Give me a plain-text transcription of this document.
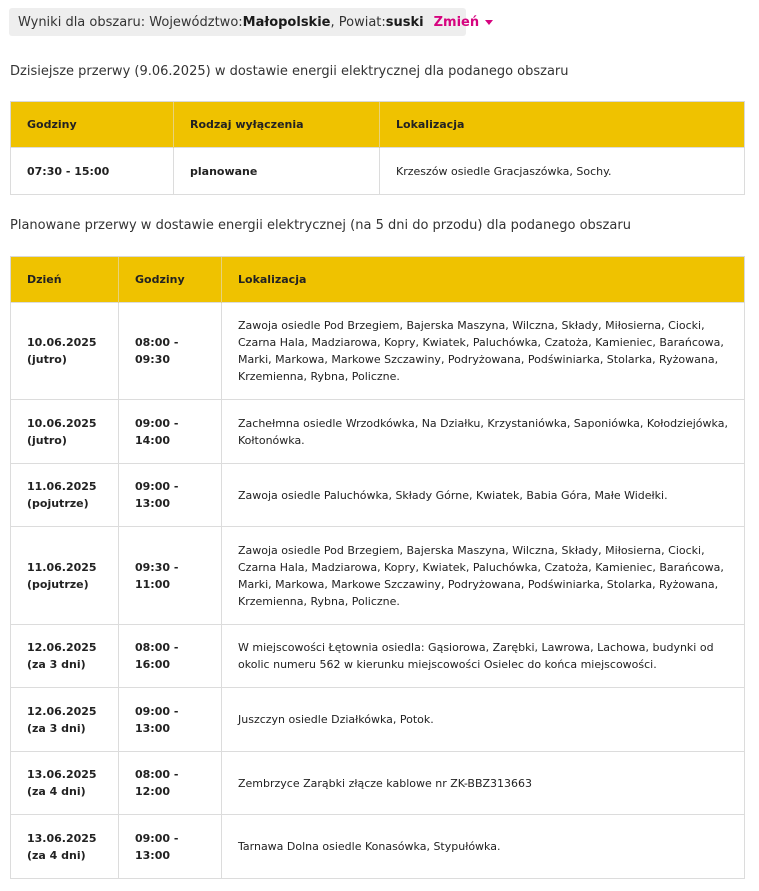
Wyniki dla obszaru: Województwo: Małopolskie , Powiat: suski Zmień
Dzisiejsze przerwy (9.06.2025) w dostawie energii elektrycznej dla podanego obszaru
Godziny	Rodzaj wyłączenia	Lokalizacja
07:30 - 15:00	planowane	Krzeszów osiedle Gracjaszówka, Sochy.
Planowane przerwy w dostawie energii elektrycznej (na 5 dni do przodu) dla podanego obszaru
Dzień	Godziny	Lokalizacja
10.06.2025
(jutro)	08:00 - 09:30	Zawoja osiedle Pod Brzegiem, Bajerska Maszyna, Wilczna, Składy, Miłosierna, Ciocki, Czarna Hala, Madziarowa, Kopry, Kwiatek, Paluchówka, Czatoża, Kamieniec, Barańcowa, Marki, Markowa, Markowe Szczawiny, Podryżowana, Podświniarka, Stolarka, Ryżowana, Krzemienna, Rybna, Policzne.
10.06.2025
(jutro)	09:00 - 14:00	Zachełmna osiedle Wrzodkówka, Na Działku, Krzystaniówka, Saponiówka, Kołodziejówka, Kołtonówka.
11.06.2025
(pojutrze)	09:00 - 13:00	Zawoja osiedle Paluchówka, Składy Górne, Kwiatek, Babia Góra, Małe Widełki.
11.06.2025
(pojutrze)	09:30 - 11:00	Zawoja osiedle Pod Brzegiem, Bajerska Maszyna, Wilczna, Składy, Miłosierna, Ciocki, Czarna Hala, Madziarowa, Kopry, Kwiatek, Paluchówka, Czatoża, Kamieniec, Barańcowa, Marki, Markowa, Markowe Szczawiny, Podryżowana, Podświniarka, Stolarka, Ryżowana, Krzemienna, Rybna, Policzne.
12.06.2025
(za 3 dni)	08:00 - 16:00	W miejscowości Łętownia osiedla: Gąsiorowa, Zarębki, Lawrowa, Lachowa, budynki od okolic numeru 562 w kierunku miejscowości Osielec do końca miejscowości.
12.06.2025
(za 3 dni)	09:00 - 13:00	Juszczyn osiedle Działkówka, Potok.
13.06.2025
(za 4 dni)	08:00 - 12:00	Zembrzyce Zarąbki złącze kablowe nr ZK-BBZ313663
13.06.2025
(za 4 dni)	09:00 - 13:00	Tarnawa Dolna osiedle Konasówka, Stypułówka.
